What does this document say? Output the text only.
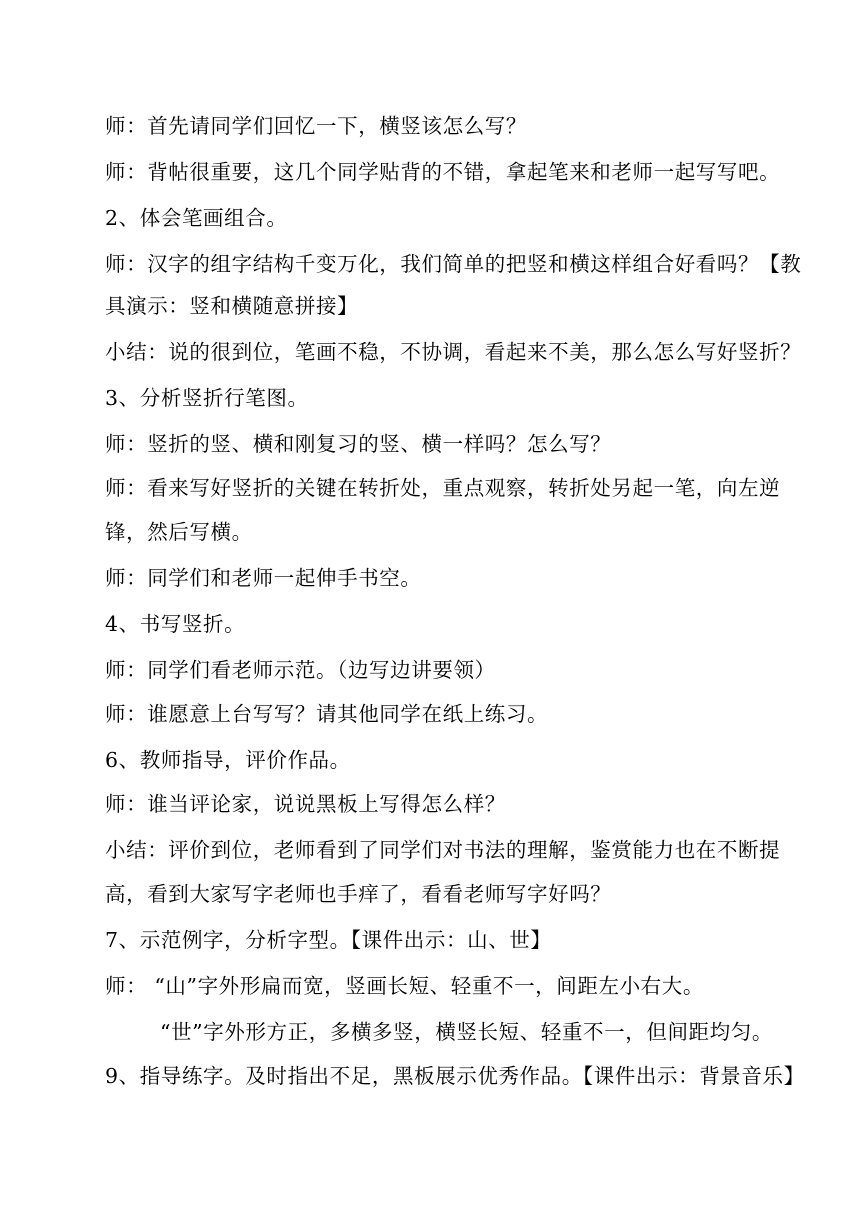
师：首先请同学们回忆一下，横竖该怎么写？
师：背帖很重要，这几个同学贴背的不错，拿起笔来和老师一起写写吧。
2、体会笔画组合。
师：汉字的组字结构千变万化，我们简单的把竖和横这样组合好看吗？【教
具演示：竖和横随意拼接】
小结：说的很到位，笔画不稳，不协调，看起来不美，那么怎么写好竖折？
3、分析竖折行笔图。
师：竖折的竖、横和刚复习的竖、横一样吗？怎么写？
师：看来写好竖折的关键在转折处，重点观察，转折处另起一笔，向左逆
锋，然后写横。
师：同学们和老师一起伸手书空。
4、书写竖折。
师：同学们看老师示范。（边写边讲要领）
师：谁愿意上台写写？请其他同学在纸上练习。
6、教师指导，评价作品。
师：谁当评论家，说说黑板上写得怎么样？
小结：评价到位，老师看到了同学们对书法的理解，鉴赏能力也在不断提
高，看到大家写字老师也手痒了，看看老师写字好吗？
7、示范例字，分析字型。【课件出示：山、世】
师： “山”字外形扁而宽，竖画长短、轻重不一，间距左小右大。
“世”字外形方正，多横多竖，横竖长短、轻重不一，但间距均匀。
9、指导练字。及时指出不足，黑板展示优秀作品。【课件出示：背景音乐】
